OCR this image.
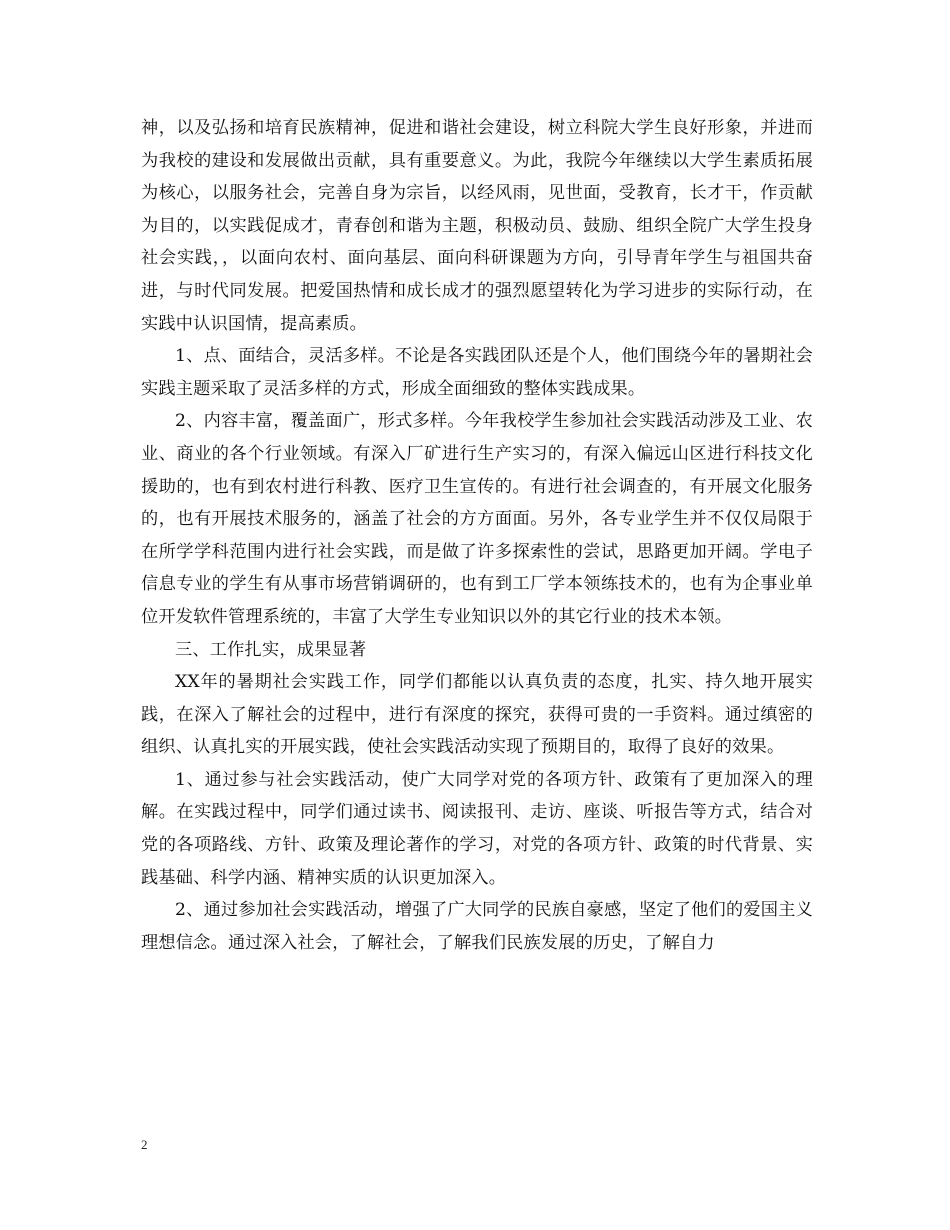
神，以及弘扬和培育民族精神，促进和谐社会建设，树立科院大学生良好形象，并进而为我校的建设和发展做出贡献，具有重要意义。为此，我院今年继续以大学生素质拓展为核心，以服务社会，完善自身为宗旨，以经风雨，见世面，受教育，长才干，作贡献为目的，以实践促成才，青春创和谐为主题，积极动员、鼓励、组织全院广大学生投身社会实践，，以面向农村、面向基层、面向科研课题为方向，引导青年学生与祖国共奋进，与时代同发展。把爱国热情和成长成才的强烈愿望转化为学习进步的实际行动，在实践中认识国情，提高素质。

1、点、面结合，灵活多样。不论是各实践团队还是个人，他们围绕今年的暑期社会实践主题采取了灵活多样的方式，形成全面细致的整体实践成果。

2、内容丰富，覆盖面广，形式多样。今年我校学生参加社会实践活动涉及工业、农业、商业的各个行业领域。有深入厂矿进行生产实习的，有深入偏远山区进行科技文化援助的，也有到农村进行科教、医疗卫生宣传的。有进行社会调查的，有开展文化服务的，也有开展技术服务的，涵盖了社会的方方面面。另外，各专业学生并不仅仅局限于在所学学科范围内进行社会实践，而是做了许多探索性的尝试，思路更加开阔。学电子信息专业的学生有从事市场营销调研的，也有到工厂学本领练技术的，也有为企事业单位开发软件管理系统的，丰富了大学生专业知识以外的其它行业的技术本领。

三、工作扎实，成果显著

XX年的暑期社会实践工作，同学们都能以认真负责的态度，扎实、持久地开展实践，在深入了解社会的过程中，进行有深度的探究，获得可贵的一手资料。通过缜密的组织、认真扎实的开展实践，使社会实践活动实现了预期目的，取得了良好的效果。

1、通过参与社会实践活动，使广大同学对党的各项方针、政策有了更加深入的理解。在实践过程中，同学们通过读书、阅读报刊、走访、座谈、听报告等方式，结合对党的各项路线、方针、政策及理论著作的学习，对党的各项方针、政策的时代背景、实践基础、科学内涵、精神实质的认识更加深入。

2、通过参加社会实践活动，增强了广大同学的民族自豪感，坚定了他们的爱国主义理想信念。通过深入社会，了解社会，了解我们民族发展的历史，了解自力

2
